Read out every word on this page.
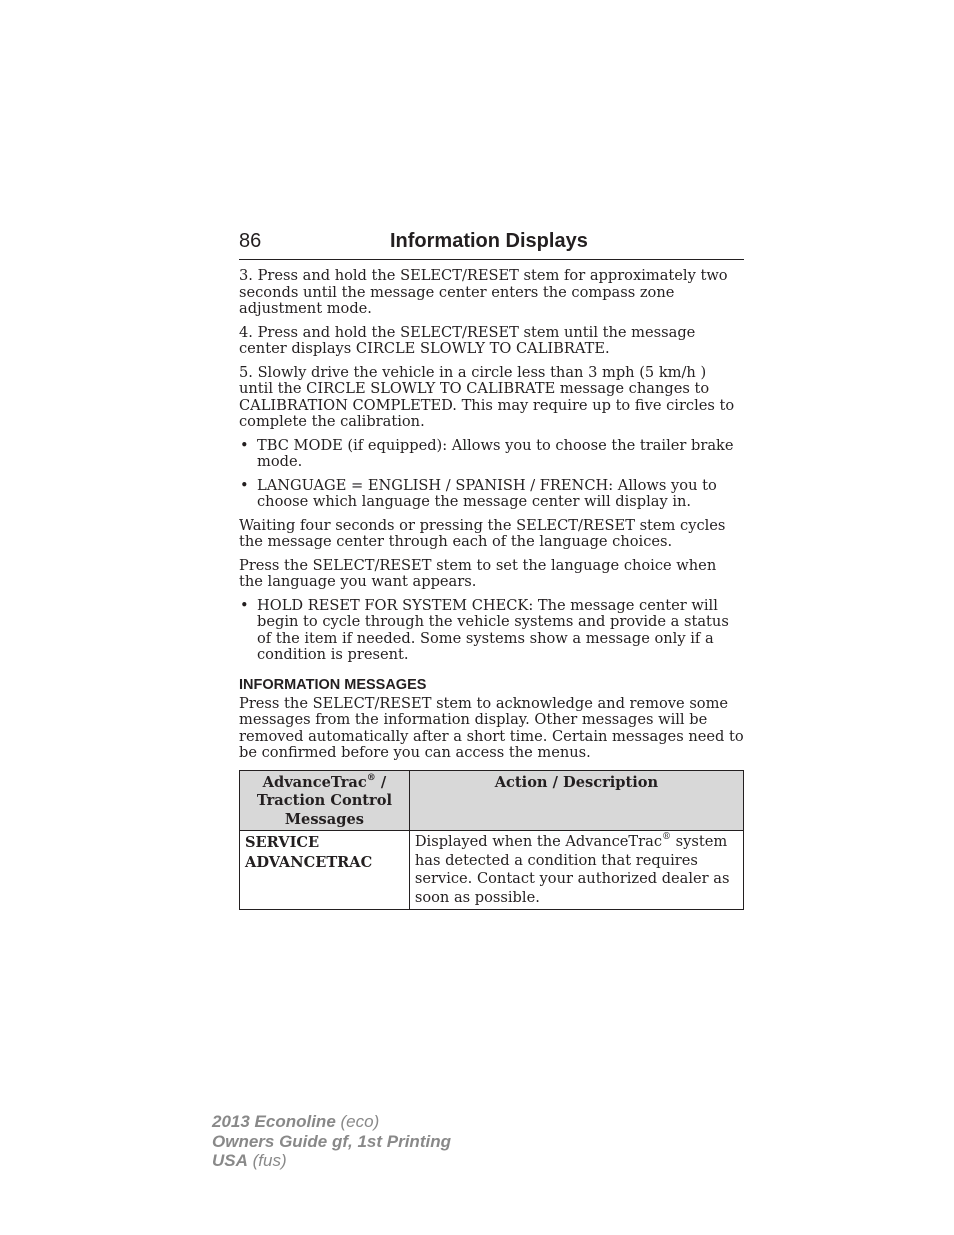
86	Information Displays

3. Press and hold the SELECT/RESET stem for approximately two seconds until the message center enters the compass zone adjustment mode.

4. Press and hold the SELECT/RESET stem until the message center displays CIRCLE SLOWLY TO CALIBRATE.

5. Slowly drive the vehicle in a circle less than 3 mph (5 km/h ) until the CIRCLE SLOWLY TO CALIBRATE message changes to CALIBRATION COMPLETED. This may require up to five circles to complete the calibration.

• TBC MODE (if equipped): Allows you to choose the trailer brake mode.
• LANGUAGE = ENGLISH / SPANISH / FRENCH: Allows you to choose which language the message center will display in.

Waiting four seconds or pressing the SELECT/RESET stem cycles the message center through each of the language choices.

Press the SELECT/RESET stem to set the language choice when the language you want appears.

• HOLD RESET FOR SYSTEM CHECK: The message center will begin to cycle through the vehicle systems and provide a status of the item if needed. Some systems show a message only if a condition is present.
INFORMATION MESSAGES

Press the SELECT/RESET stem to acknowledge and remove some messages from the information display. Other messages will be removed automatically after a short time. Certain messages need to be confirmed before you can access the menus.

AdvanceTrac® / Traction Control Messages	Action / Description
SERVICE
ADVANCETRAC	Displayed when the AdvanceTrac® system has detected a condition that requires service. Contact your authorized dealer as soon as possible.
2013 Econoline (eco)
Owners Guide gf, 1st Printing
USA (fus)
